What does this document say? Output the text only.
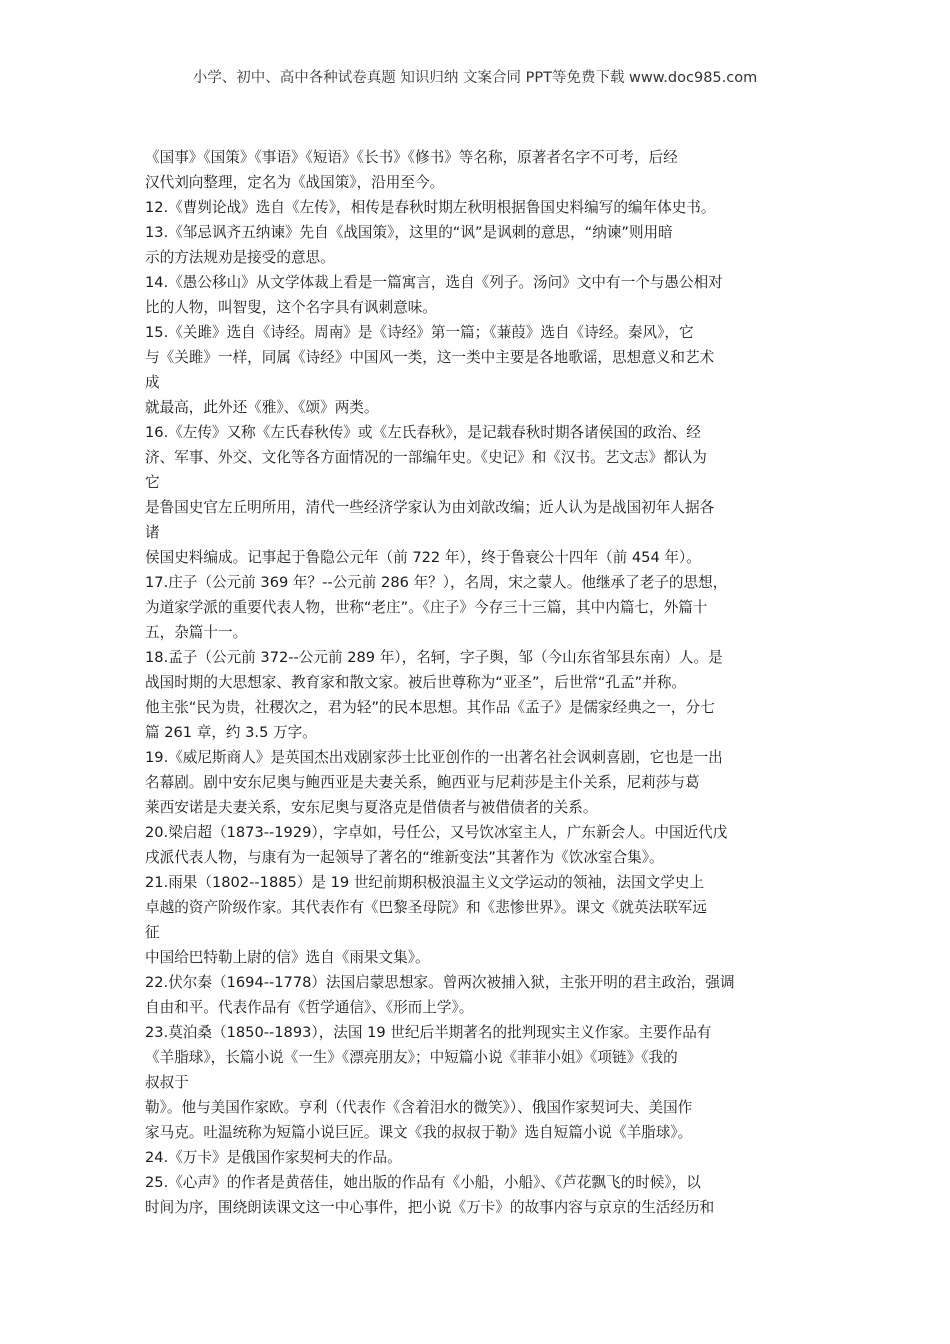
小学、初中、高中各种试卷真题 知识归纳 文案合同 PPT等免费下载 www.doc985.com
《国事》《国策》《事语》《短语》《长书》《修书》等名称，原著者名字不可考，后经
汉代刘向整理，定名为《战国策》，沿用至今。
12.《曹刿论战》选自《左传》，相传是春秋时期左秋明根据鲁国史料编写的编年体史书。
13.《邹忌讽齐五纳谏》先自《战国策》，这里的“讽”是讽刺的意思，“纳谏”则用暗
示的方法规劝是接受的意思。
14.《愚公移山》从文学体裁上看是一篇寓言，选自《列子。汤问》文中有一个与愚公相对
比的人物，叫智叟，这个名字具有讽刺意味。
15.《关雎》选自《诗经。周南》是《诗经》第一篇；《蒹葭》选自《诗经。秦风》，它
与《关雎》一样，同属《诗经》中国风一类，这一类中主要是各地歌谣，思想意义和艺术
成
就最高，此外还《雅》、《颂》两类。
16.《左传》又称《左氏春秋传》或《左氏春秋》，是记载春秋时期各诸侯国的政治、经
济、军事、外交、文化等各方面情况的一部编年史。《史记》和《汉书。艺文志》都认为
它
是鲁国史官左丘明所用，清代一些经济学家认为由刘歆改编；近人认为是战国初年人据各
诸
侯国史料编成。记事起于鲁隐公元年（前 722 年），终于鲁衰公十四年（前 454 年）。
17.庄子（公元前 369 年？--公元前 286 年？），名周，宋之蒙人。他继承了老子的思想，
为道家学派的重要代表人物，世称“老庄”。《庄子》今存三十三篇，其中内篇七，外篇十
五，杂篇十一。
18.孟子（公元前 372--公元前 289 年），名轲，字子舆，邹（今山东省邹县东南）人。是
战国时期的大思想家、教育家和散文家。被后世尊称为“亚圣”，后世常“孔孟”并称。
他主张“民为贵，社稷次之，君为轻”的民本思想。其作品《孟子》是儒家经典之一，分七
篇 261 章，约 3.5 万字。
19.《威尼斯商人》是英国杰出戏剧家莎士比亚创作的一出著名社会讽刺喜剧，它也是一出
名幕剧。剧中安东尼奥与鲍西亚是夫妻关系，鲍西亚与尼莉莎是主仆关系，尼莉莎与葛
莱西安诺是夫妻关系，安东尼奥与夏洛克是借债者与被借债者的关系。
20.梁启超（1873--1929），字卓如，号任公，又号饮冰室主人，广东新会人。中国近代戊
戌派代表人物，与康有为一起领导了著名的“维新变法”其著作为《饮冰室合集》。
21.雨果（1802--1885）是 19 世纪前期积极浪温主义文学运动的领袖，法国文学史上
卓越的资产阶级作家。其代表作有《巴黎圣母院》和《悲惨世界》。课文《就英法联军远
征
中国给巴特勒上尉的信》选自《雨果文集》。
22.伏尔秦（1694--1778）法国启蒙思想家。曾两次被捕入狱，主张开明的君主政治，强调
自由和平。代表作品有《哲学通信》、《形而上学》。
23.莫泊桑（1850--1893），法国 19 世纪后半期著名的批判现实主义作家。主要作品有
《羊脂球》，长篇小说《一生》《漂亮朋友》；中短篇小说《菲菲小姐》《项链》《我的
叔叔于
勒》。他与美国作家欧。亨利（代表作《含着泪水的微笑》）、俄国作家契诃夫、美国作
家马克。吐温统称为短篇小说巨匠。课文《我的叔叔于勒》选自短篇小说《羊脂球》。
24.《万卡》是俄国作家契柯夫的作品。
25.《心声》的作者是黄蓓佳，她出版的作品有《小船，小船》、《芦花飘飞的时候》，以
时间为序，围绕朗读课文这一中心事件，把小说《万卡》的故事内容与京京的生活经历和
